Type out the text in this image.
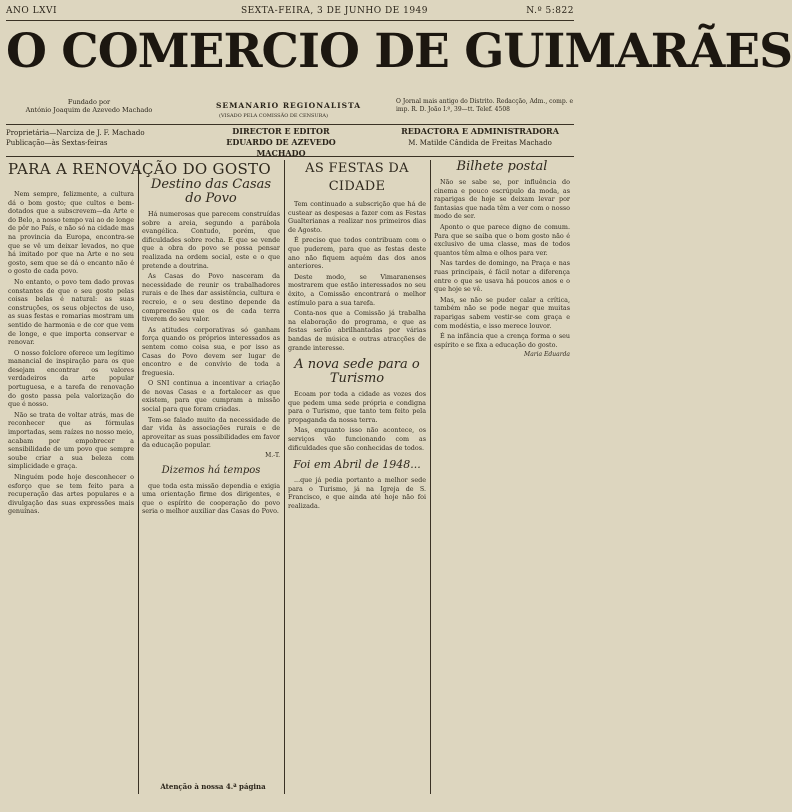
ANO LXVI	SEXTA-FEIRA, 3 DE JUNHO DE 1949	N.º 5:822
O COMERCIO DE GUIMARÃES
Fundado por
António Joaquim de Azevedo Machado	SEMANARIO REGIONALISTA
(VISADO PELA COMISSÃO DE CENSURA)
O Jornal mais antigo do Distrito. Redacção, Adm., comp. e imp. R. D. João I.º, 39—tt. Telef. 4508
Proprietária—Narciza de J. F. Machado
Publicação—às Sextas-feiras
DIRECTOR E EDITOR
EDUARDO DE AZEVEDO MACHADO
REDACTORA E ADMINISTRADORA
M. Matilde Cândida de Freitas Machado
PARA A RENOVAÇÃO DO GOSTO

Nem sempre, felizmente, a cultura dá o bom gosto; que cultos e bem-dotados que a subscrevem—da Arte e do Belo, a nosso tempo vai ao de longe de pôr no País, e não só na cidade mas na provincia da Europa, encontra-se que se vê um deixar levados, no que há imitado por que na Arte e no seu gosto, sem que se dá o encanto não é o gosto de cada povo.

No entanto, o povo tem dado provas constantes de que o seu gosto pelas coisas belas é natural: as suas construções, os seus objectos de uso, as suas festas e romarias mostram um sentido de harmonia e de cor que vem de longe, e que importa conservar e renovar.

O nosso folclore oferece um legítimo manancial de inspiração para os que desejam encontrar os valores verdadeiros da arte popular portuguesa, e a tarefa de renovação do gosto passa pela valorização do que é nosso.

Não se trata de voltar atrás, mas de reconhecer que as fórmulas importadas, sem raízes no nosso meio, acabam por empobrecer a sensibilidade de um povo que sempre soube criar a sua beleza com simplicidade e graça.

Ninguém pode hoje desconhecer o esforço que se tem feito para a recuperação das artes populares e a divulgação das suas expressões mais genuínas.

Destino das Casas do Povo

Há numerosas que parecem construídas sobre a areia, segundo a parábola evangélica. Contudo, porém, que dificuldades sobre rocha. E que se vende que a obra do povo se possa pensar realizada na ordem social, este e o que pretende a doutrina.

As Casas do Povo nasceram da necessidade de reunir os trabalhadores rurais e de lhes dar assistência, cultura e recreio, e o seu destino depende da compreensão que os de cada terra tiverem do seu valor.

As atitudes corporativas só ganham força quando os próprios interessados as sentem como coisa sua, e por isso as Casas do Povo devem ser lugar de encontro e de convívio de toda a freguesia.

O SNI continua a incentivar a criação de novas Casas e a fortalecer as que existem, para que cumpram a missão social para que foram criadas.

Tem-se falado muito da necessidade de dar vida às associações rurais e de aproveitar as suas possibilidades em favor da educação popular.

M.-T.
Dizemos há tempos

que toda esta missão dependia e exigia uma orientação firme dos dirigentes, e que o espírito de cooperação do povo seria o melhor auxiliar das Casas do Povo.

Atenção à nossa 4.ª página
AS FESTAS DA CIDADE

Tem continuado a subscrição que há de custear as despesas a fazer com as Festas Gualterianas a realizar nos primeiros dias de Agosto.

É preciso que todos contribuam com o que puderem, para que as festas deste ano não fiquem aquém das dos anos anteriores.

Deste modo, se Vimaranenses mostrarem que estão interessados no seu êxito, a Comissão encontrará o melhor estímulo para a sua tarefa.

Conta-nos que a Comissão já trabalha na elaboração do programa, e que as festas serão abrilhantadas por várias bandas de música e outras atracções de grande interesse.

A nova sede para o Turismo

Ecoam por toda a cidade as vozes dos que pedem uma sede própria e condigna para o Turismo, que tanto tem feito pela propaganda da nossa terra.

Mas, enquanto isso não acontece, os serviços vão funcionando com as dificuldades que são conhecidas de todos.

Foi em Abril de 1948...

...que já pedia portanto a melhor sede para o Turismo, já na Igreja de S. Francisco, e que ainda até hoje não foi realizada.

Bilhete postal

Não se sabe se, por influência do cinema e pouco escrúpulo da moda, as raparigas de hoje se deixam levar por fantasias que nada têm a ver com o nosso modo de ser.

Aponto o que parece digno de comum. Para que se saiba que o bom gosto não é exclusivo de uma classe, mas de todos quantos têm alma e olhos para ver.

Nas tardes de domingo, na Praça e nas ruas principais, é fácil notar a diferença entre o que se usava há poucos anos e o que hoje se vê.

Mas, se não se puder calar a crítica, também não se pode negar que muitas raparigas sabem vestir-se com graça e com modéstia, e isso merece louvor.

É na infância que a crença forma o seu espírito e se fixa a educação do gosto.

Maria Eduarda
